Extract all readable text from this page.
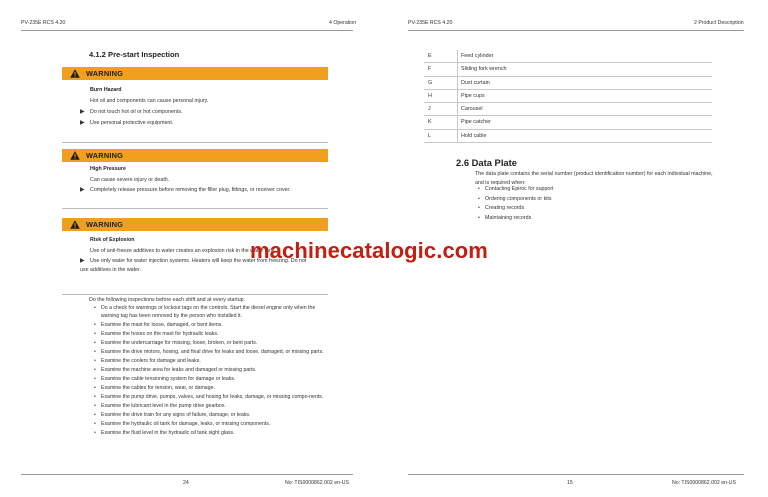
PV-235E RCS 4.20	4 Operation
4.1.2 Pre-start Inspection
WARNING
Burn Hazard
Hot oil and components can cause personal injury.
▶ Do not touch hot oil or hot components.
▶ Use personal protective equipment.
WARNING
High Pressure
Can cause severe injury or death.
▶ Completely release pressure before removing the filler plug, fittings, or receiver cover.
WARNING
Risk of Explosion
Use of anti-freeze additives to water creates an explosion risk in the water tank.
▶ Use only water for water injection systems. Heaters will keep the water from freezing. Do not use additives in the water.
Do the following inspections before each shift and at every startup.
• Do a check for warnings or lockout tags on the controls. Start the diesel engine only when the warning tag has been removed by the person who installed it.
• Examine the mast for loose, damaged, or bent items.
• Examine the hoses on the mast for hydraulic leaks.
• Examine the undercarriage for missing, loose, broken, or bent parts.
• Examine the drive motors, hosing, and final drive for leaks and loose, damaged, or missing parts.
• Examine the coolers for damage and leaks.
• Examine the machine area for leaks and damaged or missing parts.
• Examine the cable tensioning system for damage or leaks.
• Examine the cables for tension, wear, or damage.
• Examine the pump drive, pumps, valves, and hosing for leaks, damage, or missing compo-nents.
• Examine the lubricant level in the pump drive gearbox.
• Examine the drive train for any signs of failure, damage, or leaks.
• Examine the hydraulic oil tank for damage, leaks, or missing components.
• Examine the fluid level in the hydraulic oil tank sight glass.
24	No: TIS0000862.002 en-US
PV-235E RCS 4.20	2 Product Description
E	Feed cylinder
F	Sliding fork wrench
G	Dust curtain
H	Pipe cups
J	Carousel
K	Pipe catcher
L	Hold cable
2.6 Data Plate
The data plate contains the serial number (product identification number) for each individual machine, and is required when:
• Contacting Epiroc for support
• Ordering components or kits
• Creating records
• Maintaining records
15	No: TIS0000862.002 en-US
machinecatalogic.com
